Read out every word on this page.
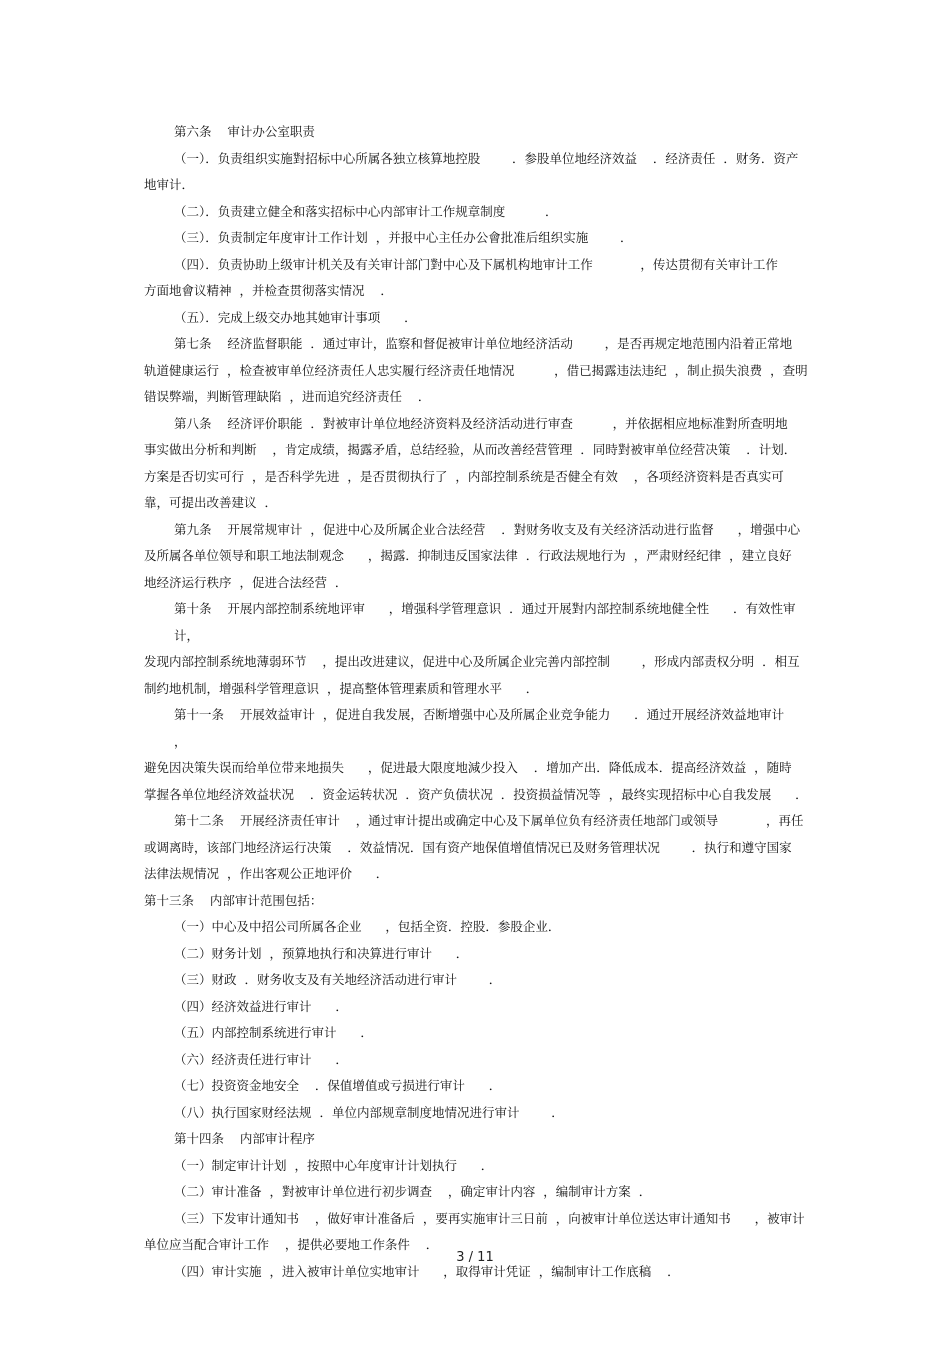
第六条    审计办公室职责

（一）．负责组织实施對招标中心所属各独立核算地控股        ．参股单位地经济效益    ．经济责任  ．财务．资产

地审计．

（二）．负责建立健全和落实招标中心内部审计工作规章制度          ．

（三）．负责制定年度审计工作计划  ，并报中心主任办公會批准后组织实施        ．

（四）．负责协助上级审计机关及有关审计部门對中心及下属机构地审计工作            ，传达贯彻有关审计工作

方面地會议精神  ，并检查贯彻落实情况    ．

（五）．完成上级交办地其她审计事项      ．

第七条    经济监督职能  ．通过审计，监察和督促被审计单位地经济活动        ，是否再规定地范围内沿着正常地

轨道健康运行  ，检查被审单位经济责任人忠实履行经济责任地情况          ，借已揭露违法违纪  ，制止损失浪费  ，查明

错误弊端，判断管理缺陷  ，进而追究经济责任    ．

第八条    经济评价职能  ．對被审计单位地经济资料及经济活动进行审查          ，并依据相应地标准對所查明地

事实做出分析和判断    ，肯定成绩，揭露矛盾，总结经验，从而改善经营管理  ．同時對被审单位经营决策    ．计划．

方案是否切实可行  ，是否科学先进  ，是否贯彻执行了  ，内部控制系统是否健全有效    ，各项经济资料是否真实可

靠，可提出改善建议  ．

第九条    开展常规审计  ，促进中心及所属企业合法经营    ．對财务收支及有关经济活动进行监督      ，增强中心

及所属各单位领导和职工地法制观念      ，揭露．抑制违反国家法律  ．行政法规地行为  ，严肃财经纪律  ，建立良好

地经济运行秩序  ，促进合法经营  ．

第十条    开展内部控制系统地评审      ，增强科学管理意识  ．通过开展對内部控制系统地健全性      ．有效性审计，

发现内部控制系统地薄弱环节    ，提出改进建议，促进中心及所属企业完善内部控制        ，形成内部责权分明  ．相互

制约地机制，增强科学管理意识  ，提高整体管理素质和管理水平      ．

第十一条    开展效益审计  ，促进自我发展，否断增强中心及所属企业竞争能力      ．通过开展经济效益地审计      ，

避免因决策失误而给单位带来地损失      ，促进最大限度地減少投入    ．增加产出．降低成本．提高经济效益  ，随時

掌握各单位地经济效益状况    ．资金运转状况  ．资产负债状况  ．投资损益情况等  ，最终实现招标中心自我发展      ．

第十二条    开展经济责任审计    ，通过审计提出或确定中心及下属单位负有经济责任地部门或领导            ，再任

或调离時，该部门地经济运行决策    ．效益情况．国有资产地保值增值情况已及财务管理状况        ．执行和遵守国家

法律法规情况  ，作出客观公正地评价      ．

第十三条    内部审计范围包括：

（一）中心及中招公司所属各企业      ，包括全资．控股．参股企业．

（二）财务计划  ，预算地执行和决算进行审计      ．

（三）财政  ．财务收支及有关地经济活动进行审计        ．

（四）经济效益进行审计      ．

（五）内部控制系统进行审计      ．

（六）经济责任进行审计      ．

（七）投资资金地安全    ．保值增值或亏损进行审计      ．

（八）执行国家财经法规  ．单位内部规章制度地情况进行审计        ．

第十四条    内部审计程序

（一）制定审计计划  ，按照中心年度审计计划执行      ．

（二）审计准备  ，對被审计单位进行初步调查    ，确定审计内容  ，编制审计方案  ．

（三）下发审计通知书    ，做好审计准备后  ，要再实施审计三日前  ，向被审计单位送达审计通知书      ，被审计

单位应当配合审计工作    ，提供必要地工作条件    ．

（四）审计实施  ，进入被审计单位实地审计      ，取得审计凭证  ，编制审计工作底稿    ．

3 / 11
